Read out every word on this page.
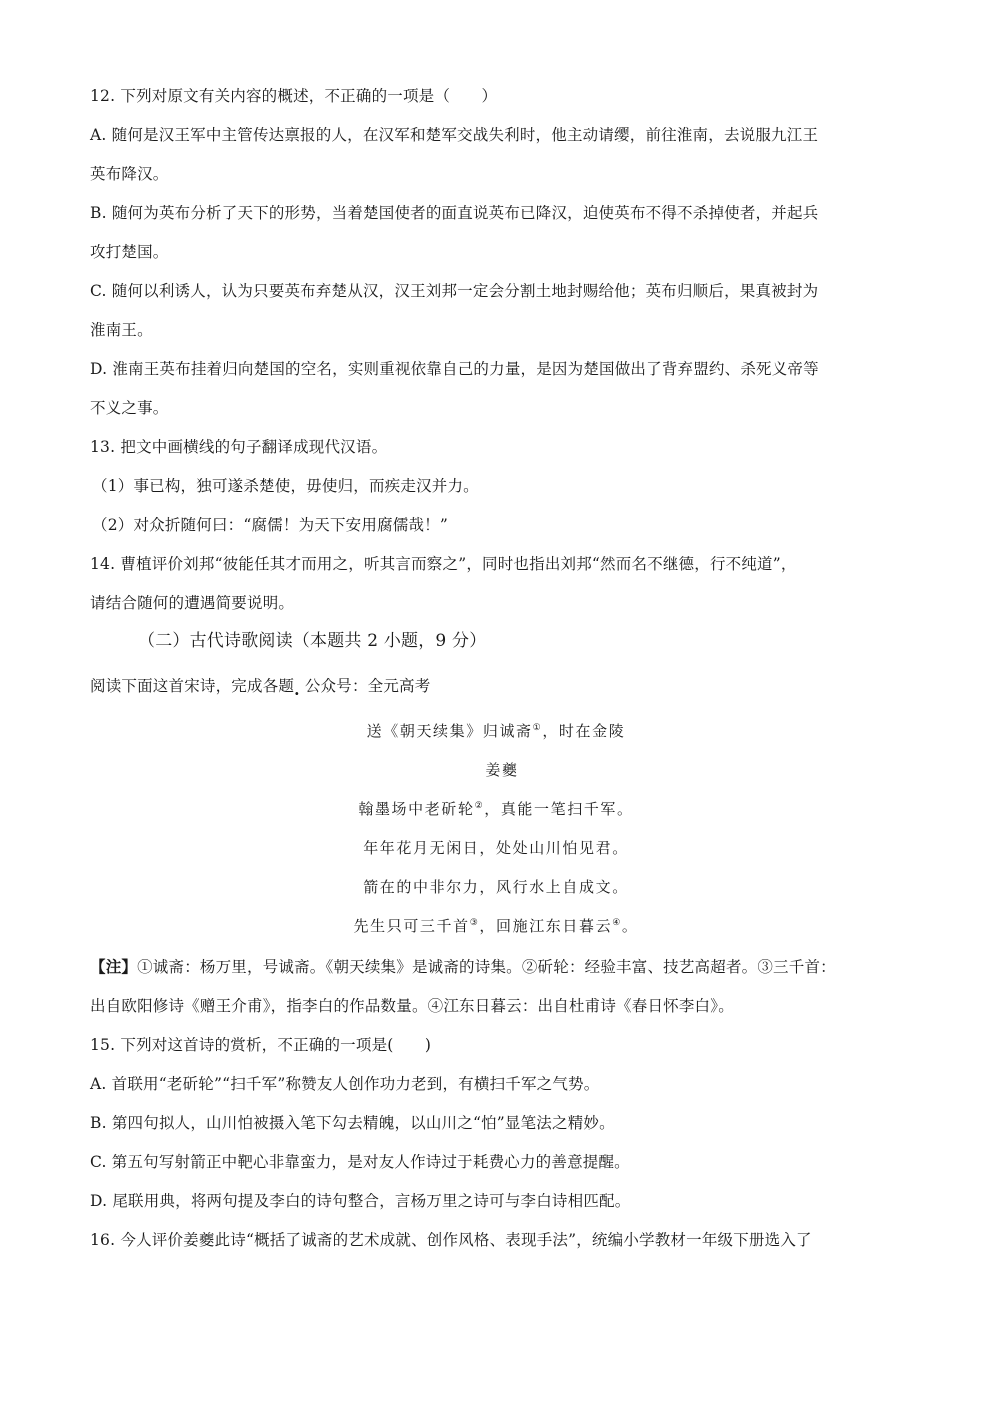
12. 下列对原文有关内容的概述，不正确的一项是（　　）
A. 随何是汉王军中主管传达禀报的人，在汉军和楚军交战失利时，他主动请缨，前往淮南，去说服九江王
英布降汉。
B. 随何为英布分析了天下的形势，当着楚国使者的面直说英布已降汉，迫使英布不得不杀掉使者，并起兵
攻打楚国。
C. 随何以利诱人，认为只要英布弃楚从汉，汉王刘邦一定会分割土地封赐给他；英布归顺后，果真被封为
淮南王。
D. 淮南王英布挂着归向楚国的空名，实则重视依靠自己的力量，是因为楚国做出了背弃盟约、杀死义帝等
不义之事。
13. 把文中画横线的句子翻译成现代汉语。
（1）事已构，独可遂杀楚使，毋使归，而疾走汉并力。
（2）对众折随何曰：“腐儒！为天下安用腐儒哉！”
14. 曹植评价刘邦“彼能任其才而用之，听其言而察之”，同时也指出刘邦“然而名不继德，行不纯道”，
请结合随何的遭遇简要说明。
（二）古代诗歌阅读（本题共 2 小题，9 分）
阅读下面这首宋诗，完成各题. 公众号：全元高考
送《朝天续集》归诚斋①，时在金陵
姜夔
翰墨场中老斫轮②，真能一笔扫千军。
年年花月无闲日，处处山川怕见君。
箭在的中非尔力，风行水上自成文。
先生只可三千首③，回施江东日暮云④。
【注】①诚斋：杨万里，号诚斋。《朝天续集》是诚斋的诗集。②斫轮：经验丰富、技艺高超者。③三千首：
出自欧阳修诗《赠王介甫》，指李白的作品数量。④江东日暮云：出自杜甫诗《春日怀李白》。
15. 下列对这首诗的赏析，不正确的一项是(　　)
A. 首联用“老斫轮”“扫千军”称赞友人创作功力老到，有横扫千军之气势。
B. 第四句拟人，山川怕被摄入笔下勾去精魄，以山川之“怕”显笔法之精妙。
C. 第五句写射箭正中靶心非靠蛮力，是对友人作诗过于耗费心力的善意提醒。
D. 尾联用典，将两句提及李白的诗句整合，言杨万里之诗可与李白诗相匹配。
16. 今人评价姜夔此诗“概括了诚斋的艺术成就、创作风格、表现手法”，统编小学教材一年级下册选入了
